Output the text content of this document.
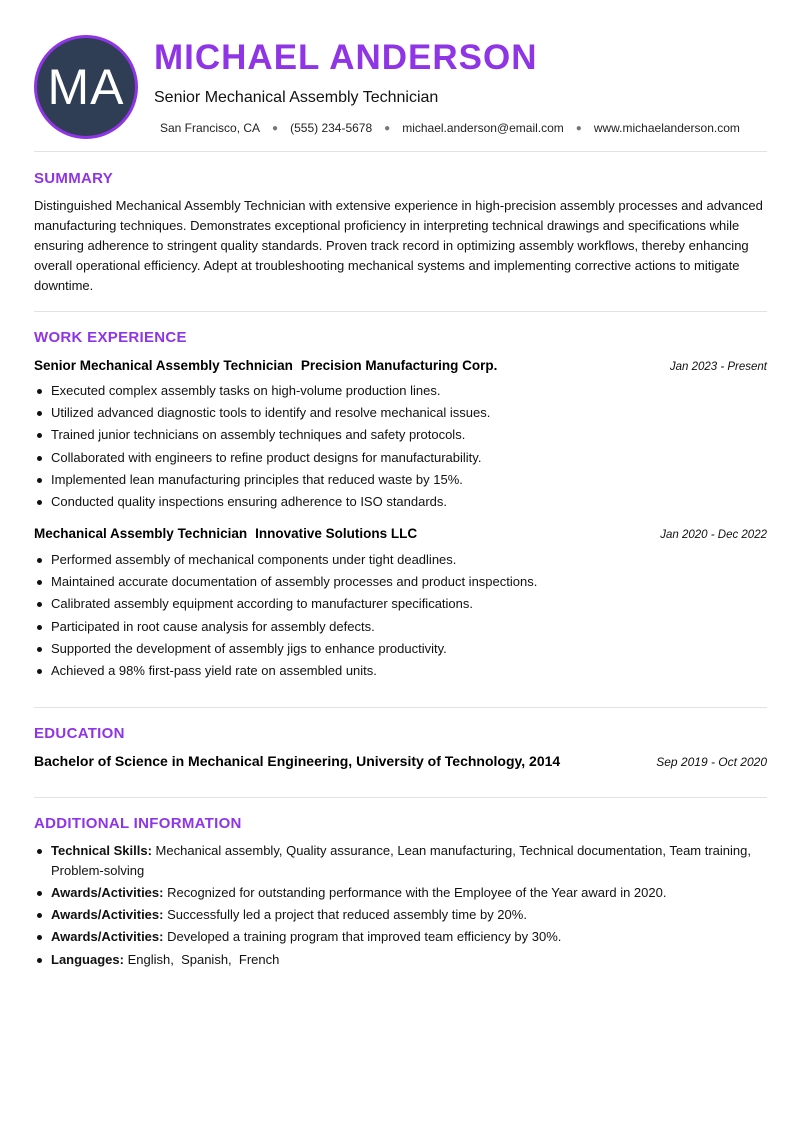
MA
MICHAEL ANDERSON
Senior Mechanical Assembly Technician
San Francisco, CA ● (555) 234-5678 ● michael.anderson@email.com ● www.michaelanderson.com
SUMMARY
Distinguished Mechanical Assembly Technician with extensive experience in high-precision assembly processes and advanced manufacturing techniques. Demonstrates exceptional proficiency in interpreting technical drawings and specifications while ensuring adherence to stringent quality standards. Proven track record in optimizing assembly workflows, thereby enhancing overall operational efficiency. Adept at troubleshooting mechanical systems and implementing corrective actions to mitigate downtime.
WORK EXPERIENCE
Senior Mechanical Assembly Technician Precision Manufacturing Corp.	Jan 2023 - Present
Executed complex assembly tasks on high-volume production lines.
Utilized advanced diagnostic tools to identify and resolve mechanical issues.
Trained junior technicians on assembly techniques and safety protocols.
Collaborated with engineers to refine product designs for manufacturability.
Implemented lean manufacturing principles that reduced waste by 15%.
Conducted quality inspections ensuring adherence to ISO standards.
Mechanical Assembly Technician Innovative Solutions LLC	Jan 2020 - Dec 2022
Performed assembly of mechanical components under tight deadlines.
Maintained accurate documentation of assembly processes and product inspections.
Calibrated assembly equipment according to manufacturer specifications.
Participated in root cause analysis for assembly defects.
Supported the development of assembly jigs to enhance productivity.
Achieved a 98% first-pass yield rate on assembled units.
EDUCATION
Bachelor of Science in Mechanical Engineering, University of Technology, 2014	Sep 2019 - Oct 2020
ADDITIONAL INFORMATION
Technical Skills: Mechanical assembly, Quality assurance, Lean manufacturing, Technical documentation, Team training, Problem-solving
Awards/Activities: Recognized for outstanding performance with the Employee of the Year award in 2020.
Awards/Activities: Successfully led a project that reduced assembly time by 20%.
Awards/Activities: Developed a training program that improved team efficiency by 30%.
Languages: English,  Spanish,  French
